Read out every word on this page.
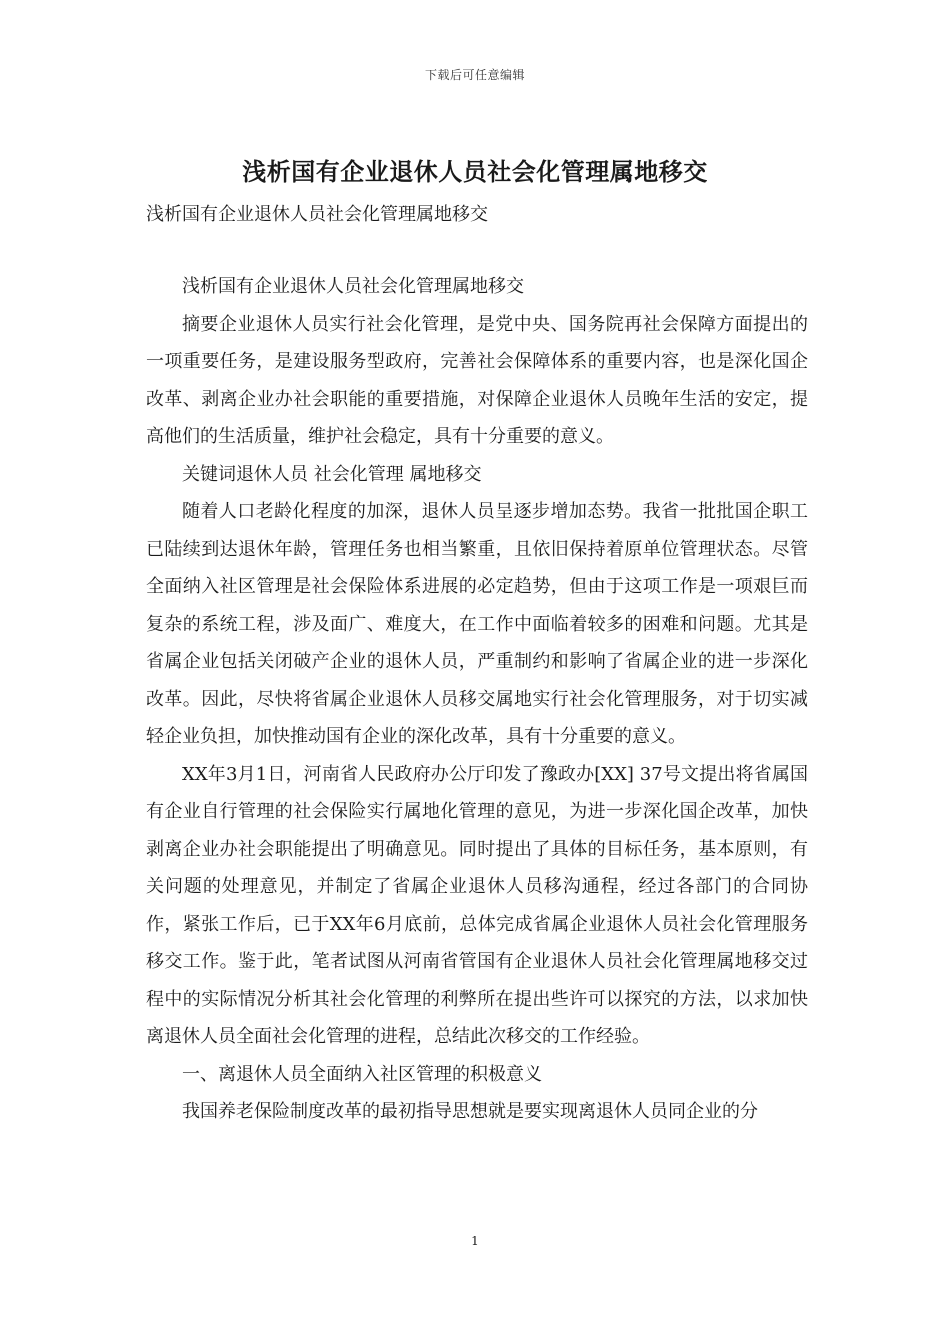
下载后可任意编辑
浅析国有企业退休人员社会化管理属地移交

浅析国有企业退休人员社会化管理属地移交

浅析国有企业退休人员社会化管理属地移交

摘要企业退休人员实行社会化管理，是党中央、国务院再社会保障方面提出的一项重要任务，是建设服务型政府，完善社会保障体系的重要内容，也是深化国企改革、剥离企业办社会职能的重要措施，对保障企业退休人员晚年生活的安定，提高他们的生活质量，维护社会稳定，具有十分重要的意义。

关键词退休人员 社会化管理 属地移交

随着人口老龄化程度的加深，退休人员呈逐步增加态势。我省一批批国企职工已陆续到达退休年龄，管理任务也相当繁重，且依旧保持着原单位管理状态。尽管全面纳入社区管理是社会保险体系进展的必定趋势，但由于这项工作是一项艰巨而复杂的系统工程，涉及面广、难度大，在工作中面临着较多的困难和问题。尤其是省属企业包括关闭破产企业的退休人员，严重制约和影响了省属企业的进一步深化改革。因此，尽快将省属企业退休人员移交属地实行社会化管理服务，对于切实减轻企业负担，加快推动国有企业的深化改革，具有十分重要的意义。

XX年3月1日，河南省人民政府办公厅印发了豫政办[XX] 37号文提出将省属国有企业自行管理的社会保险实行属地化管理的意见，为进一步深化国企改革，加快剥离企业办社会职能提出了明确意见。同时提出了具体的目标任务，基本原则，有关问题的处理意见，并制定了省属企业退休人员移沟通程，经过各部门的合同协作，紧张工作后，已于XX年6月底前，总体完成省属企业退休人员社会化管理服务移交工作。鉴于此，笔者试图从河南省管国有企业退休人员社会化管理属地移交过程中的实际情况分析其社会化管理的利弊所在提出些许可以探究的方法，以求加快离退休人员全面社会化管理的进程，总结此次移交的工作经验。

一、离退休人员全面纳入社区管理的积极意义

我国养老保险制度改革的最初指导思想就是要实现离退休人员同企业的分

1
